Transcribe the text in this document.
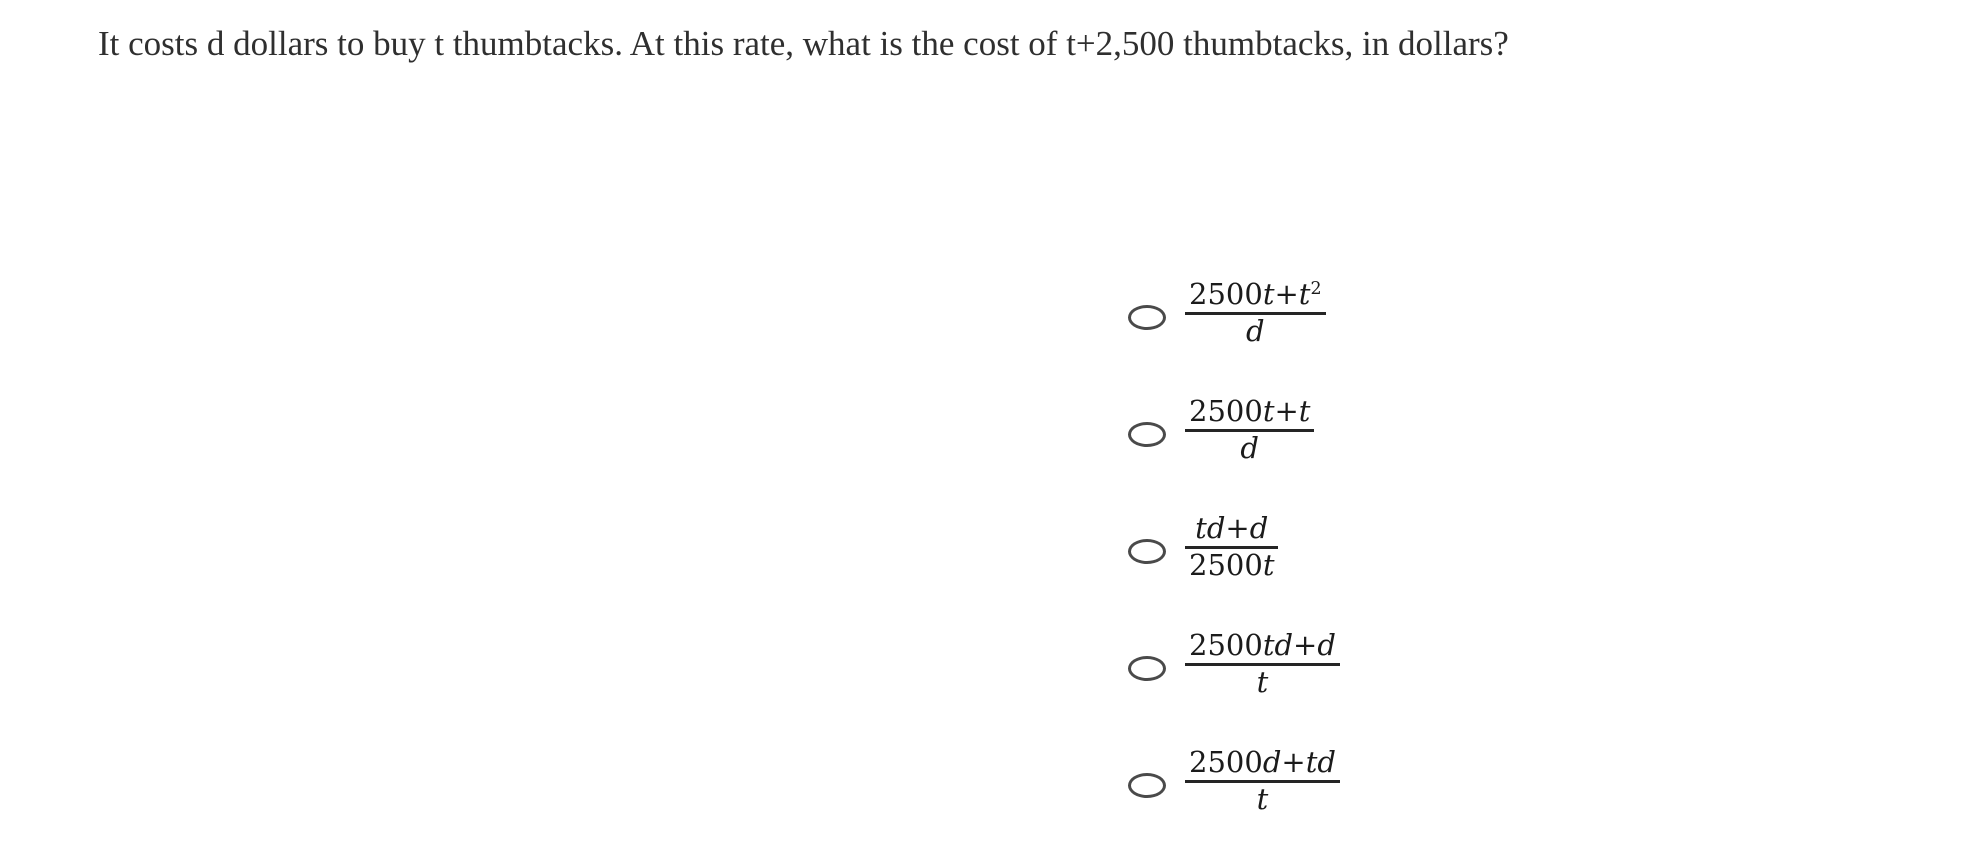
It costs d dollars to buy t thumbtacks. At this rate, what is the cost of t+2,500 thumbtacks, in dollars?
$\frac{2500t+t^2}{d}$
$\frac{2500t+t}{d}$
$\frac{td+d}{2500t}$
$\frac{2500td+d}{t}$
$\frac{2500d+td}{t}$
